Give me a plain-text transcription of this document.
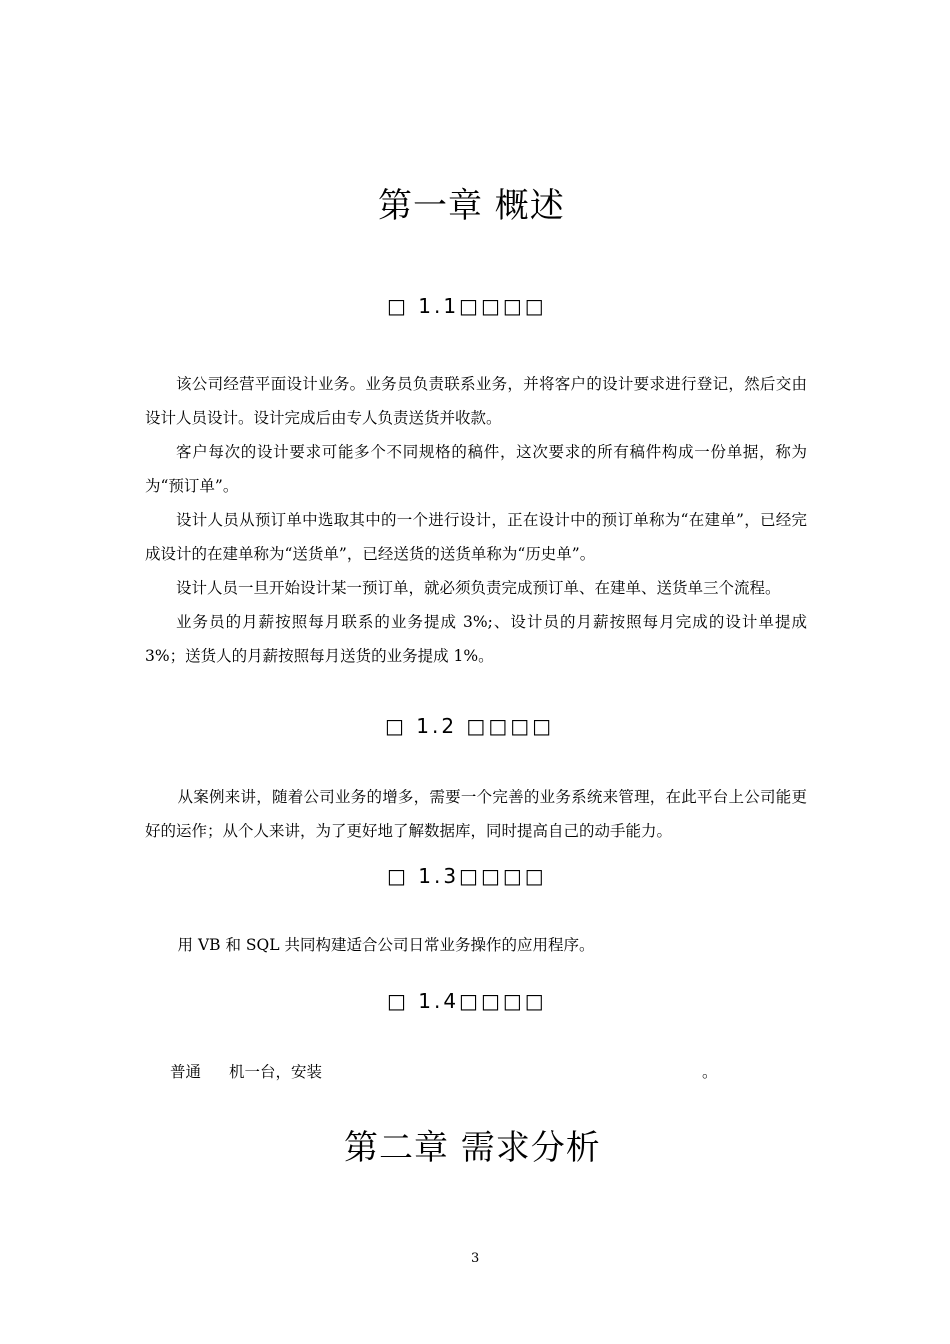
第一章 概述
□ 1.1□□□□

该公司经营平面设计业务。业务员负责联系业务，并将客户的设计要求进行登记，然后交由设计人员设计。设计完成后由专人负责送货并收款。

客户每次的设计要求可能多个不同规格的稿件，这次要求的所有稿件构成一份单据，称为为“预订单”。

设计人员从预订单中选取其中的一个进行设计，正在设计中的预订单称为“在建单”，已经完成设计的在建单称为“送货单”，已经送货的送货单称为“历史单”。

设计人员一旦开始设计某一预订单，就必须负责完成预订单、在建单、送货单三个流程。

业务员的月薪按照每月联系的业务提成 3%;、设计员的月薪按照每月完成的设计单提成 3%；送货人的月薪按照每月送货的业务提成 1%。

□ 1.2 □□□□

从案例来讲，随着公司业务的增多，需要一个完善的业务系统来管理，在此平台上公司能更好的运作；从个人来讲，为了更好地了解数据库，同时提高自己的动手能力。

□ 1.3□□□□

用 VB 和 SQL 共同构建适合公司日常业务操作的应用程序。

□ 1.4□□□□
普通 机一台，安装	。
第二章 需求分析
3
